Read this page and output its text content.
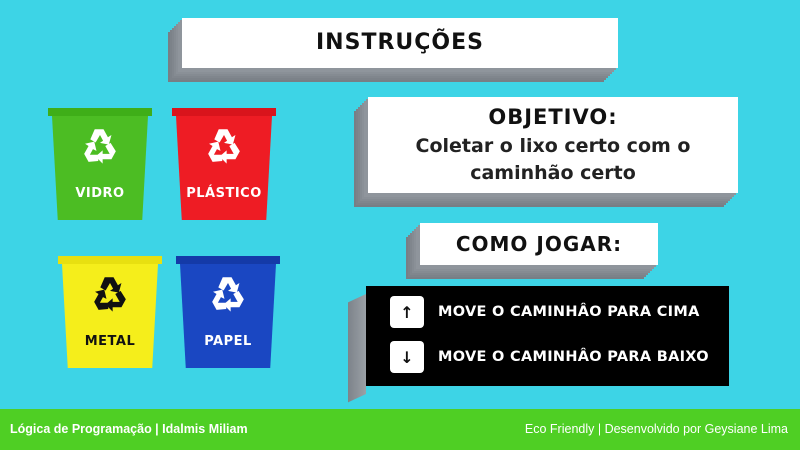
VIDRO	PLÁSTICO
METAL	PAPEL
INSTRUÇÕES
OBJETIVO:
Coletar o lixo certo com o
caminhão certo
COMO JOGAR:
↑	MOVE O CAMINHÂO PARA CIMA
↓	MOVE O CAMINHÂO PARA BAIXO
Lógica de Programação | Idalmis Miliam	Eco Friendly | Desenvolvido por Geysiane Lima
